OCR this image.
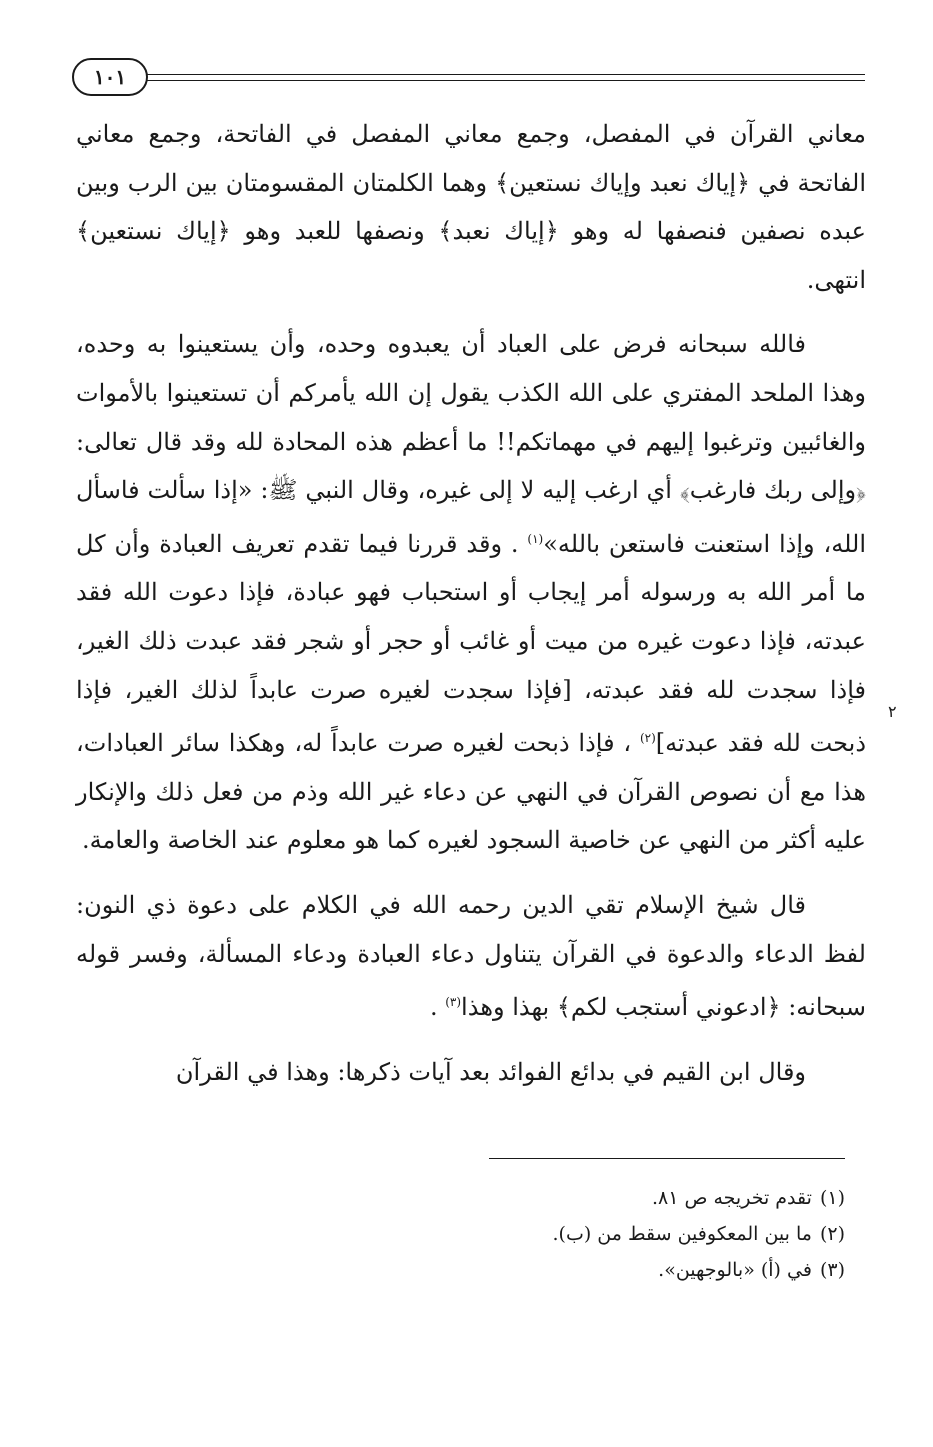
١٠١
٢

معاني القرآن في المفصل، وجمع معاني المفصل في الفاتحة، وجمع معاني الفاتحة في ﴿إياك نعبد وإياك نستعين﴾ وهما الكلمتان المقسومتان بين الرب وبين عبده نصفين فنصفها له وهو ﴿إياك نعبد﴾ ونصفها للعبد وهو ﴿إياك نستعين﴾ انتهى.

فالله سبحانه فرض على العباد أن يعبدوه وحده، وأن يستعينوا به وحده، وهذا الملحد المفتري على الله الكذب يقول إن الله يأمركم أن تستعينوا بالأموات والغائبين وترغبوا إليهم في مهماتكم!! ما أعظم هذه المحادة لله وقد قال تعالى: ﴿وإلى ربك فارغب﴾ أي ارغب إليه لا إلى غيره، وقال النبي ﷺ: «إذا سألت فاسأل الله، وإذا استعنت فاستعن بالله»$^{(١)}$ . وقد قررنا فيما تقدم تعريف العبادة وأن كل ما أمر الله به ورسوله أمر إيجاب أو استحباب فهو عبادة، فإذا دعوت الله فقد عبدته، فإذا دعوت غيره من ميت أو غائب أو حجر أو شجر فقد عبدت ذلك الغير، فإذا سجدت لله فقد عبدته، [فإذا سجدت لغيره صرت عابداً لذلك الغير، فإذا ذبحت لله فقد عبدته]$^{(٢)}$ ، فإذا ذبحت لغيره صرت عابداً له، وهكذا سائر العبادات، هذا مع أن نصوص القرآن في النهي عن دعاء غير الله وذم من فعل ذلك والإنكار عليه أكثر من النهي عن خاصية السجود لغيره كما هو معلوم عند الخاصة والعامة.

قال شيخ الإسلام تقي الدين رحمه الله في الكلام على دعوة ذي النون: لفظ الدعاء والدعوة في القرآن يتناول دعاء العبادة ودعاء المسألة، وفسر قوله سبحانه: ﴿ادعوني أستجب لكم﴾ بهذا وهذا$^{(٣)}$ .

وقال ابن القيم في بدائع الفوائد بعد آيات ذكرها: وهذا في القرآن

(١)تقدم تخريجه ص ٨١.

(٢)ما بين المعكوفين سقط من (ب).

(٣)في (أ) «بالوجهين».
